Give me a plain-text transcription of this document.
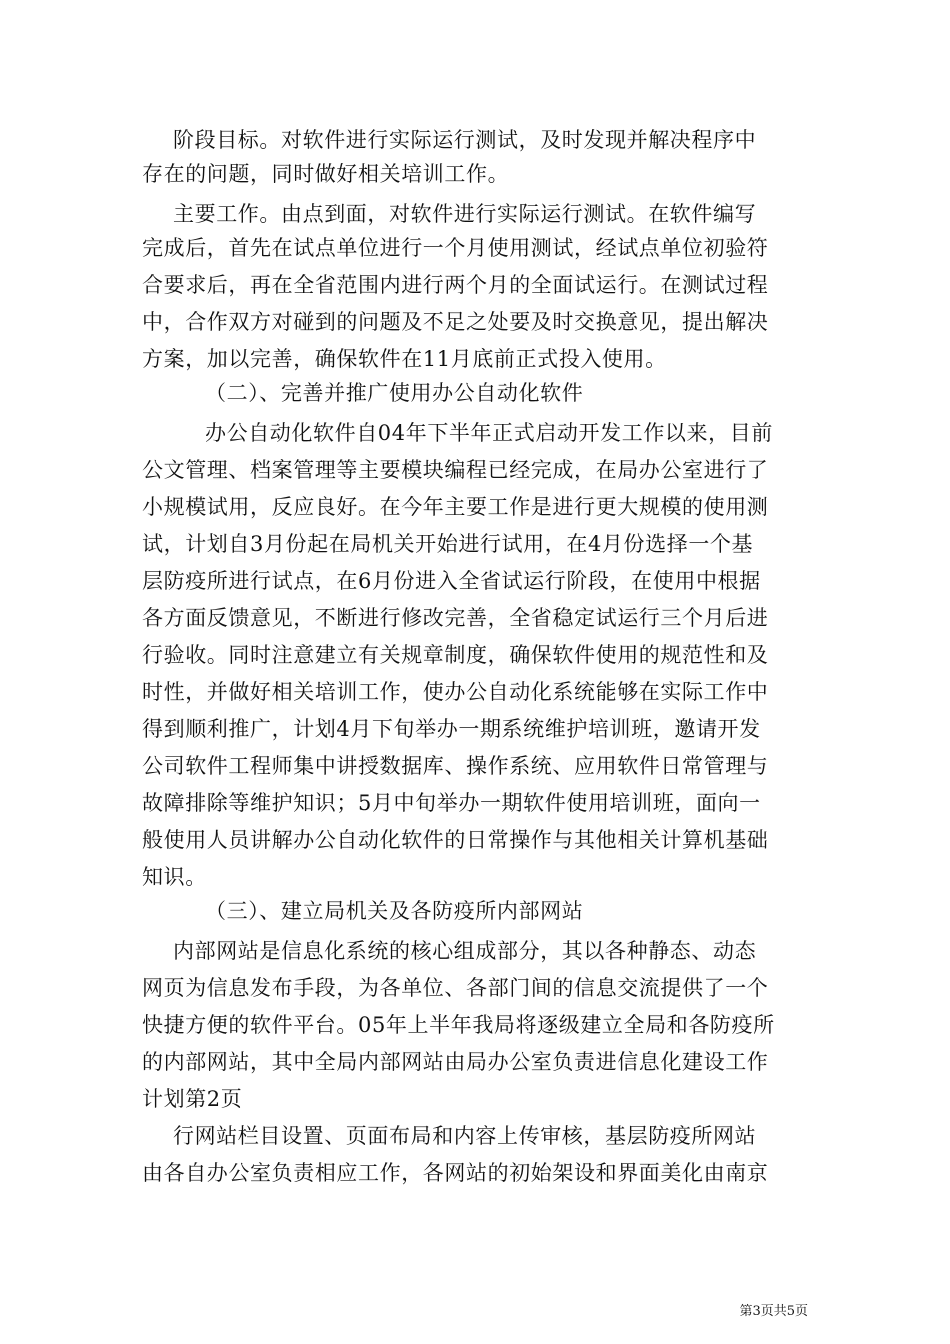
阶段目标。对软件进行实际运行测试，及时发现并解决程序中
存在的问题，同时做好相关培训工作。
主要工作。由点到面，对软件进行实际运行测试。在软件编写
完成后，首先在试点单位进行一个月使用测试，经试点单位初验符
合要求后，再在全省范围内进行两个月的全面试运行。在测试过程
中，合作双方对碰到的问题及不足之处要及时交换意见，提出解决
方案，加以完善，确保软件在11月底前正式投入使用。
（二）、完善并推广使用办公自动化软件
办公自动化软件自04年下半年正式启动开发工作以来，目前
公文管理、档案管理等主要模块编程已经完成，在局办公室进行了
小规模试用，反应良好。在今年主要工作是进行更大规模的使用测
试，计划自3月份起在局机关开始进行试用，在4月份选择一个基
层防疫所进行试点，在6月份进入全省试运行阶段，在使用中根据
各方面反馈意见，不断进行修改完善，全省稳定试运行三个月后进
行验收。同时注意建立有关规章制度，确保软件使用的规范性和及
时性，并做好相关培训工作，使办公自动化系统能够在实际工作中
得到顺利推广，计划4月下旬举办一期系统维护培训班，邀请开发
公司软件工程师集中讲授数据库、操作系统、应用软件日常管理与
故障排除等维护知识；5月中旬举办一期软件使用培训班，面向一
般使用人员讲解办公自动化软件的日常操作与其他相关计算机基础
知识。
（三）、建立局机关及各防疫所内部网站
内部网站是信息化系统的核心组成部分，其以各种静态、动态
网页为信息发布手段，为各单位、各部门间的信息交流提供了一个
快捷方便的软件平台。05年上半年我局将逐级建立全局和各防疫所
的内部网站，其中全局内部网站由局办公室负责进信息化建设工作
计划第2页
行网站栏目设置、页面布局和内容上传审核，基层防疫所网站
由各自办公室负责相应工作，各网站的初始架设和界面美化由南京
第3页共5页
